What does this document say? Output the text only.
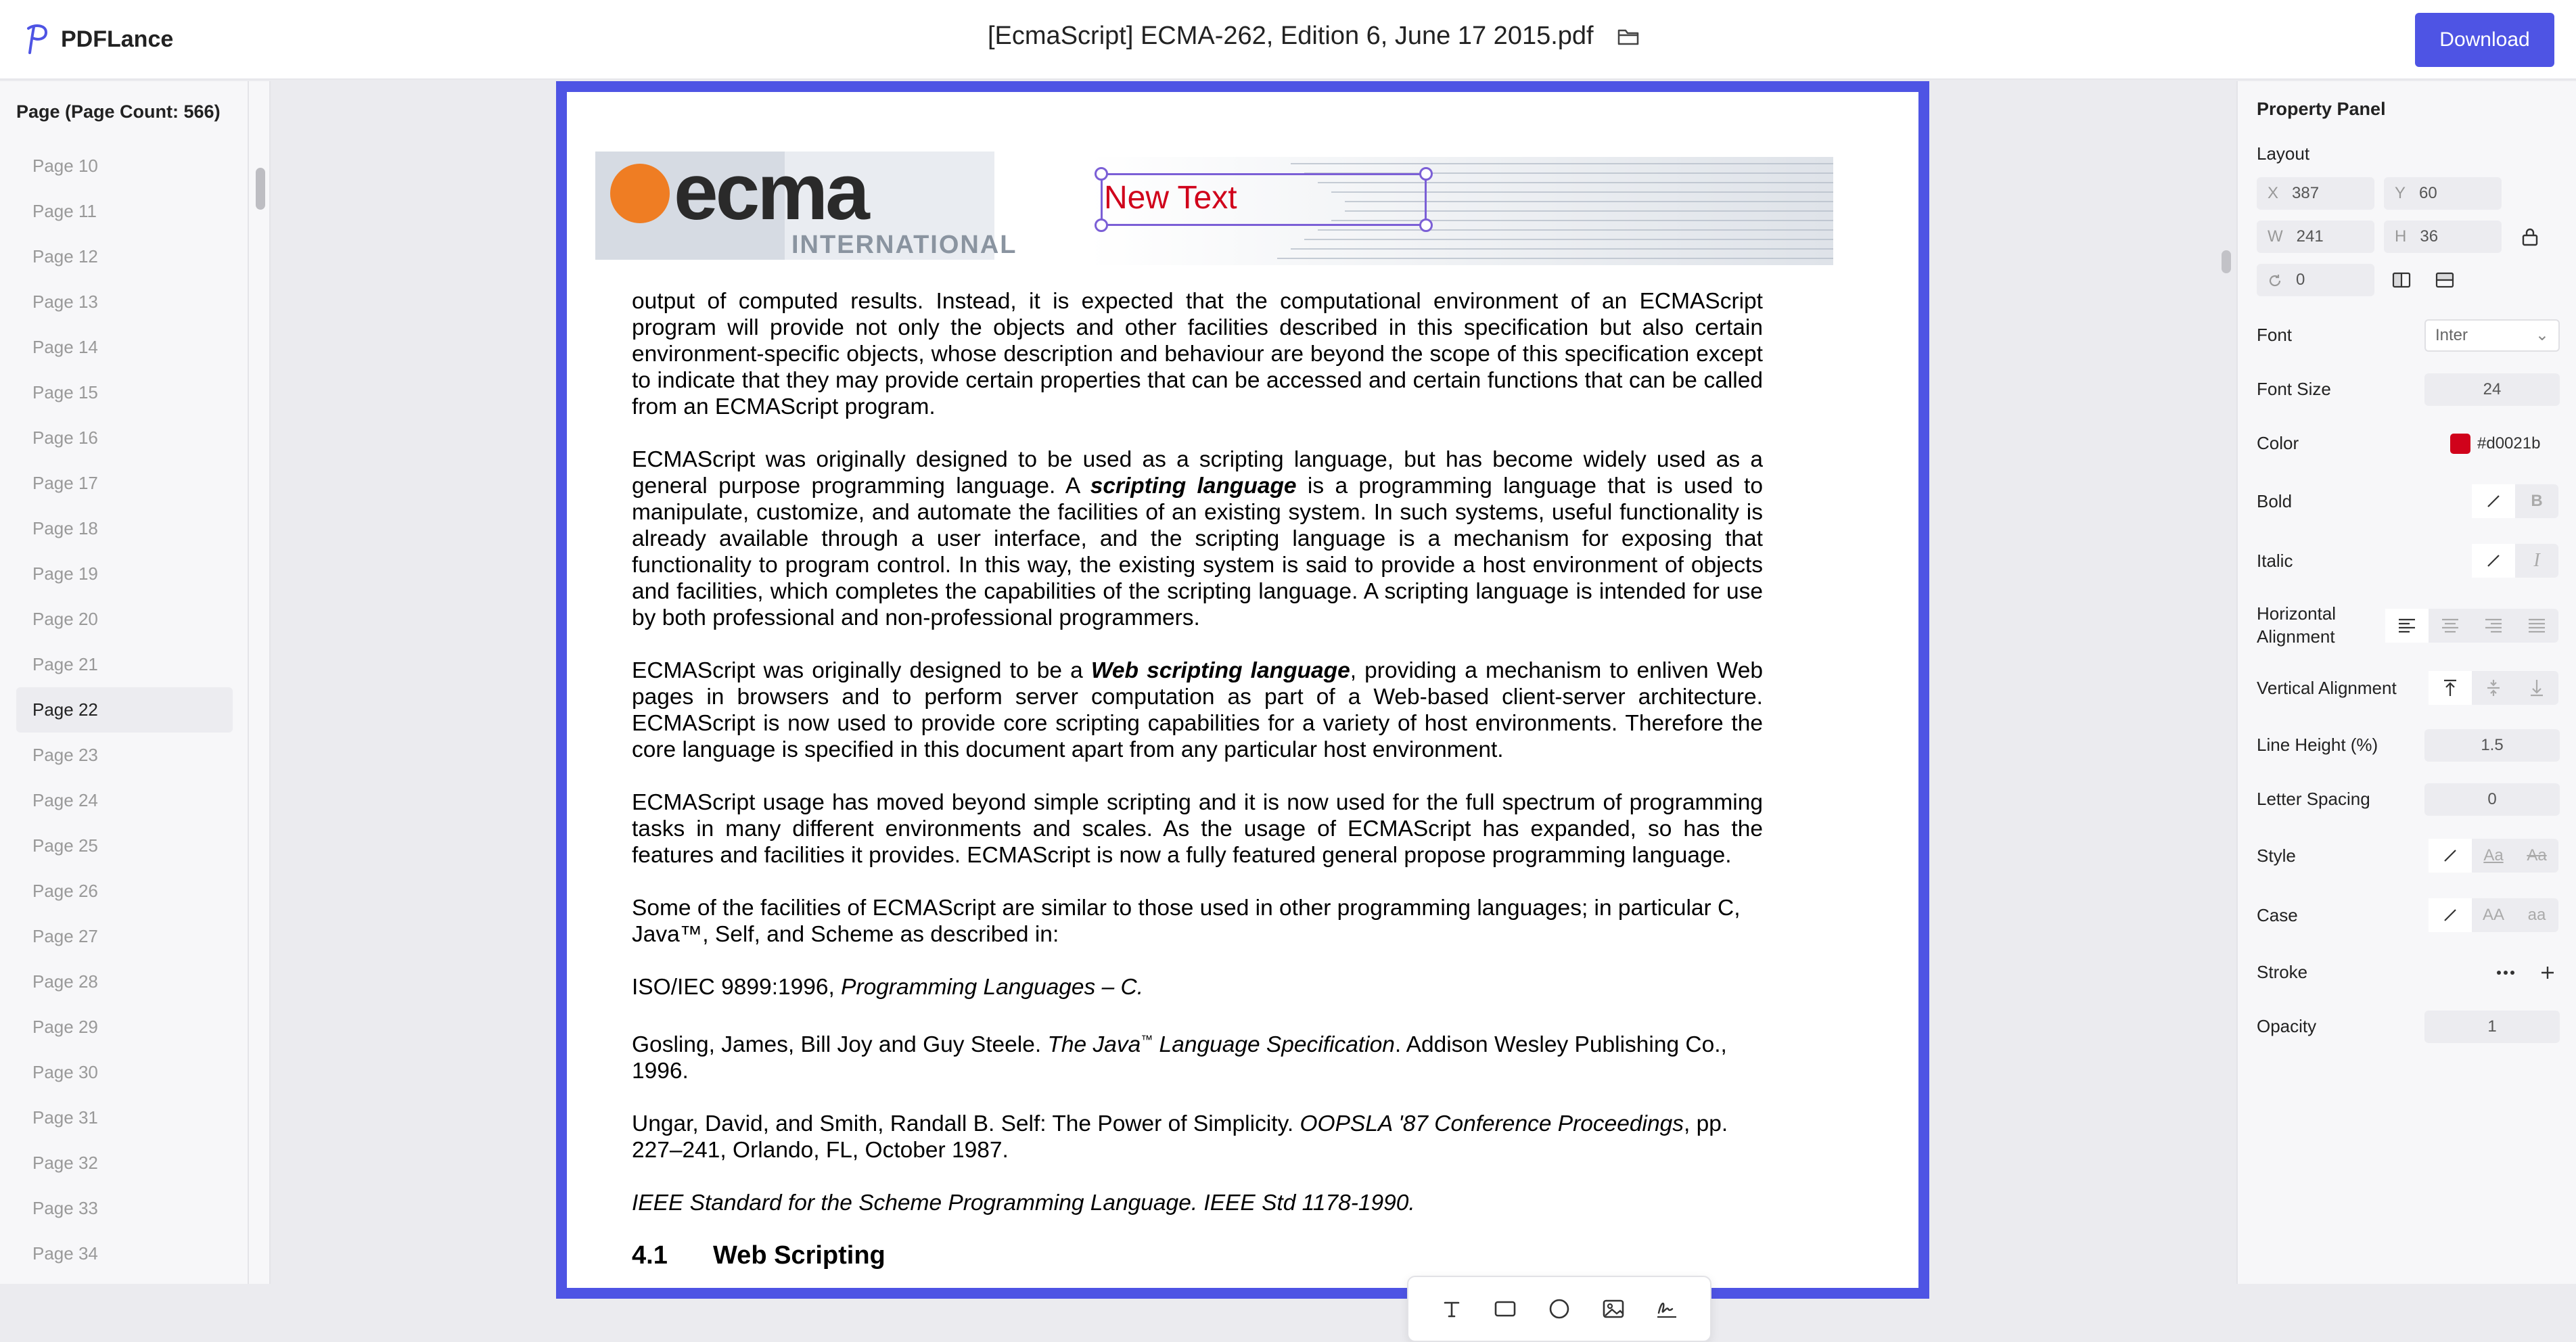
PDFLance	[EcmaScript] ECMA-262, Edition 6, June 17 2015.pdf	Download
Page (Page Count: 566)
Page 10
Page 11
Page 12
Page 13
Page 14
Page 15
Page 16
Page 17
Page 18
Page 19
Page 20
Page 21
Page 22
Page 23
Page 24
Page 25
Page 26
Page 27
Page 28
Page 29
Page 30
Page 31
Page 32
Page 33
Page 34
ecma
INTERNATIONAL
New Text

output of computed results. Instead, it is expected that the computational environment of an ECMAScript program will provide not only the objects and other facilities described in this specification but also certain environment-specific objects, whose description and behaviour are beyond the scope of this specification except to indicate that they may provide certain properties that can be accessed and certain functions that can be called from an ECMAScript program.

ECMAScript was originally designed to be used as a scripting language, but has become widely used as a general purpose programming language. A scripting language is a programming language that is used to manipulate, customize, and automate the facilities of an existing system. In such systems, useful functionality is already available through a user interface, and the scripting language is a mechanism for exposing that functionality to program control. In this way, the existing system is said to provide a host environment of objects and facilities, which completes the capabilities of the scripting language. A scripting language is intended for use by both professional and non-professional programmers.

ECMAScript was originally designed to be a Web scripting language, providing a mechanism to enliven Web pages in browsers and to perform server computation as part of a Web-based client-server architecture. ECMAScript is now used to provide core scripting capabilities for a variety of host environments. Therefore the core language is specified in this document apart from any particular host environment.

ECMAScript usage has moved beyond simple scripting and it is now used for the full spectrum of programming tasks in many different environments and scales. As the usage of ECMAScript has expanded, so has the features and facilities it provides. ECMAScript is now a fully featured general propose programming language.

Some of the facilities of ECMAScript are similar to those used in other programming languages; in particular C, Java™, Self, and Scheme as described in:

ISO/IEC 9899:1996, Programming Languages – C.

Gosling, James, Bill Joy and Guy Steele. The Java™ Language Specification. Addison Wesley Publishing Co., 1996.

Ungar, David, and Smith, Randall B. Self: The Power of Simplicity. OOPSLA '87 Conference Proceedings, pp. 227–241, Orlando, FL, October 1987.

IEEE Standard for the Scheme Programming Language. IEEE Std 1178-1990.

4.1 Web Scripting
Property Panel
Layout
X 387	Y 60
W 241	H 36
0
Font	Inter	⌄
Font Size	24
Color	#d0021b
Bold	B
Italic	I
Horizontal Alignment
Vertical Alignment
Line Height (%)	1.5
Letter Spacing	0
Style	Aa Aa
Case	AA	aa
Stroke
Opacity	1
